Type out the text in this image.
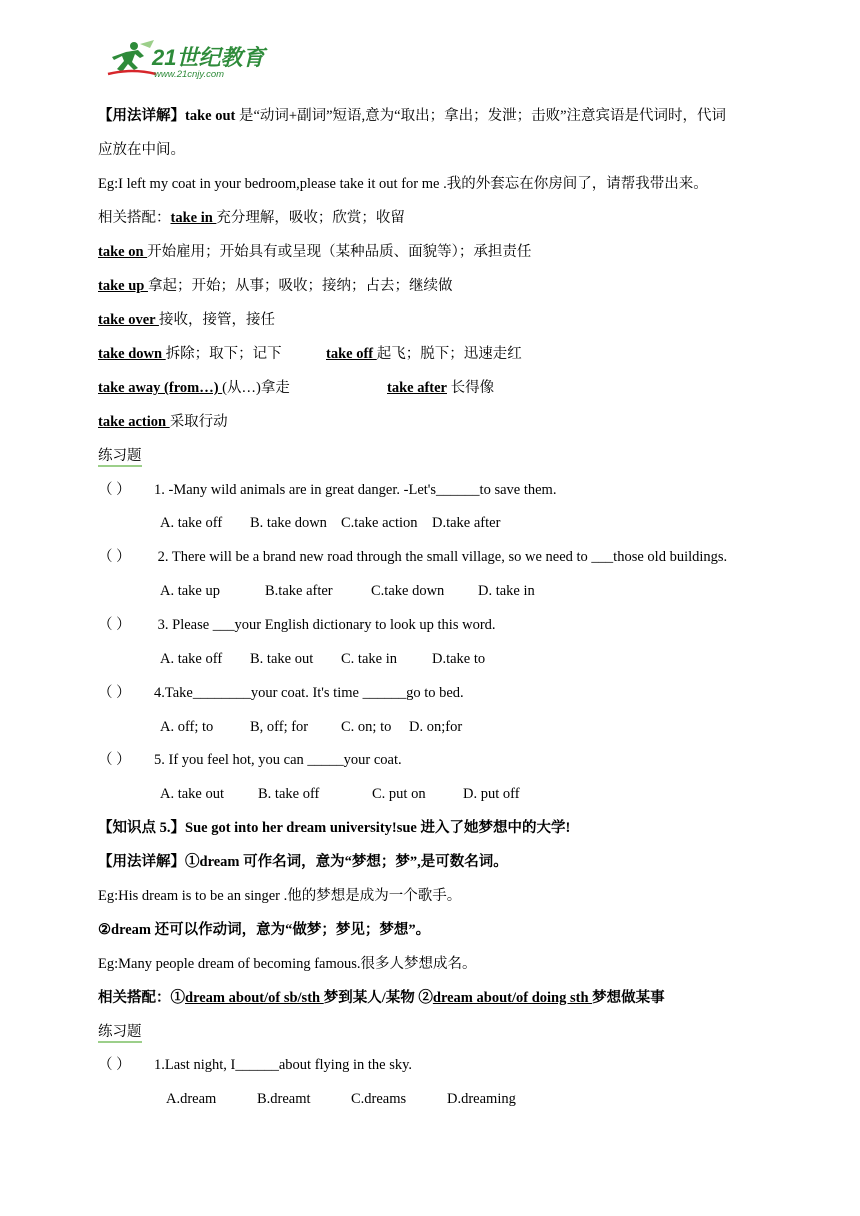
21世纪教育
www.21cnjy.com
【用法详解】take out 是“动词+副词”短语,意为“取出；拿出；发泄；击败”注意宾语是代词时，代词
应放在中间。
Eg:I left my coat in your bedroom,please take it out for me .我的外套忘在你房间了，请帮我带出来。
相关搭配：take in 充分理解，吸收；欣赏；收留
take on 开始雇用；开始具有或呈现（某种品质、面貌等）；承担责任
take up 拿起；开始；从事；吸收；接纳；占去；继续做
take over 接收，接管，接任
take down 拆除；取下；记下	take off 起飞；脱下；迅速走红
take away (from…) (从…)拿走	take after 长得像
take action 采取行动
练习题
（ ） 1. -Many wild animals are in great danger. -Let's______to save them.
A. take off B. take down C.take action D.take after
（ ） 2. There will be a brand new road through the small village, so we need to ___those old buildings.
A. take up	B.take after	C.take down D. take in
（ ） 3. Please ___your English dictionary to look up this word.
A. take off B. take out C. take in D.take to
（ ） 4.Take________your coat. It's time ______go to bed.
A. off; to	B, off; for C. on; to D. on;for
（ ） 5. If you feel hot, you can _____your coat.
A. take out B. take off	C. put on	D. put off
【知识点 5.】Sue got into her dream university!sue 进入了她梦想中的大学!
【用法详解】①dream 可作名词，意为“梦想；梦”,是可数名词。
Eg:His dream is to be an singer .他的梦想是成为一个歌手。
②dream 还可以作动词，意为“做梦；梦见；梦想”。
Eg:Many people dream of becoming famous.很多人梦想成名。
相关搭配：①dream about/of sb/sth 梦到某人/某物 ②dream about/of doing sth 梦想做某事
练习题
（ ） 1.Last night, I______about flying in the sky.
A.dream	B.dreamt	C.dreams	D.dreaming
